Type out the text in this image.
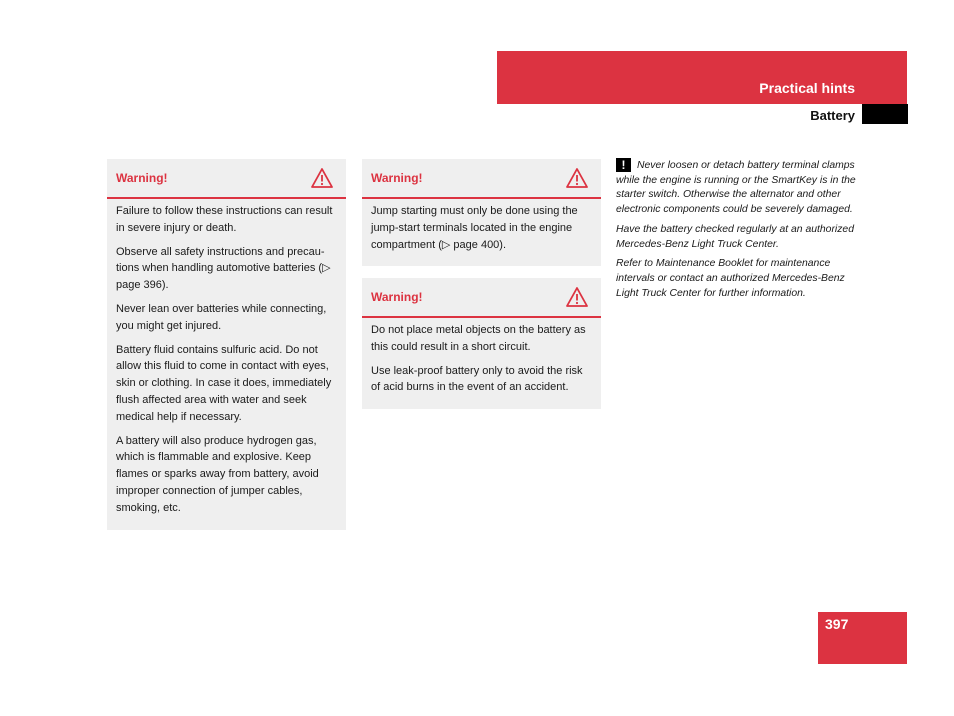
Practical hints
Battery
Warning!

Failure to follow these instructions can result in severe injury or death.

Observe all safety instructions and precau-tions when handling automotive batteries (▷ page 396).

Never lean over batteries while connecting, you might get injured.

Battery fluid contains sulfuric acid. Do not allow this fluid to come in contact with eyes, skin or clothing. In case it does, immediately flush affected area with water and seek medical help if necessary.

A battery will also produce hydrogen gas, which is flammable and explosive. Keep flames or sparks away from battery, avoid improper connection of jumper cables, smoking, etc.

Warning!

Jump starting must only be done using the jump-start terminals located in the engine compartment (▷ page 400).

Warning!

Do not place metal objects on the battery as this could result in a short circuit.

Use leak-proof battery only to avoid the risk of acid burns in the event of an accident.

! Never loosen or detach battery terminal clamps while the engine is running or the SmartKey is in the starter switch. Otherwise the alternator and other electronic components could be severely damaged.

Have the battery checked regularly at an authorized Mercedes-Benz Light Truck Center.

Refer to Maintenance Booklet for maintenance intervals or contact an authorized Mercedes-Benz Light Truck Center for further information.

397
